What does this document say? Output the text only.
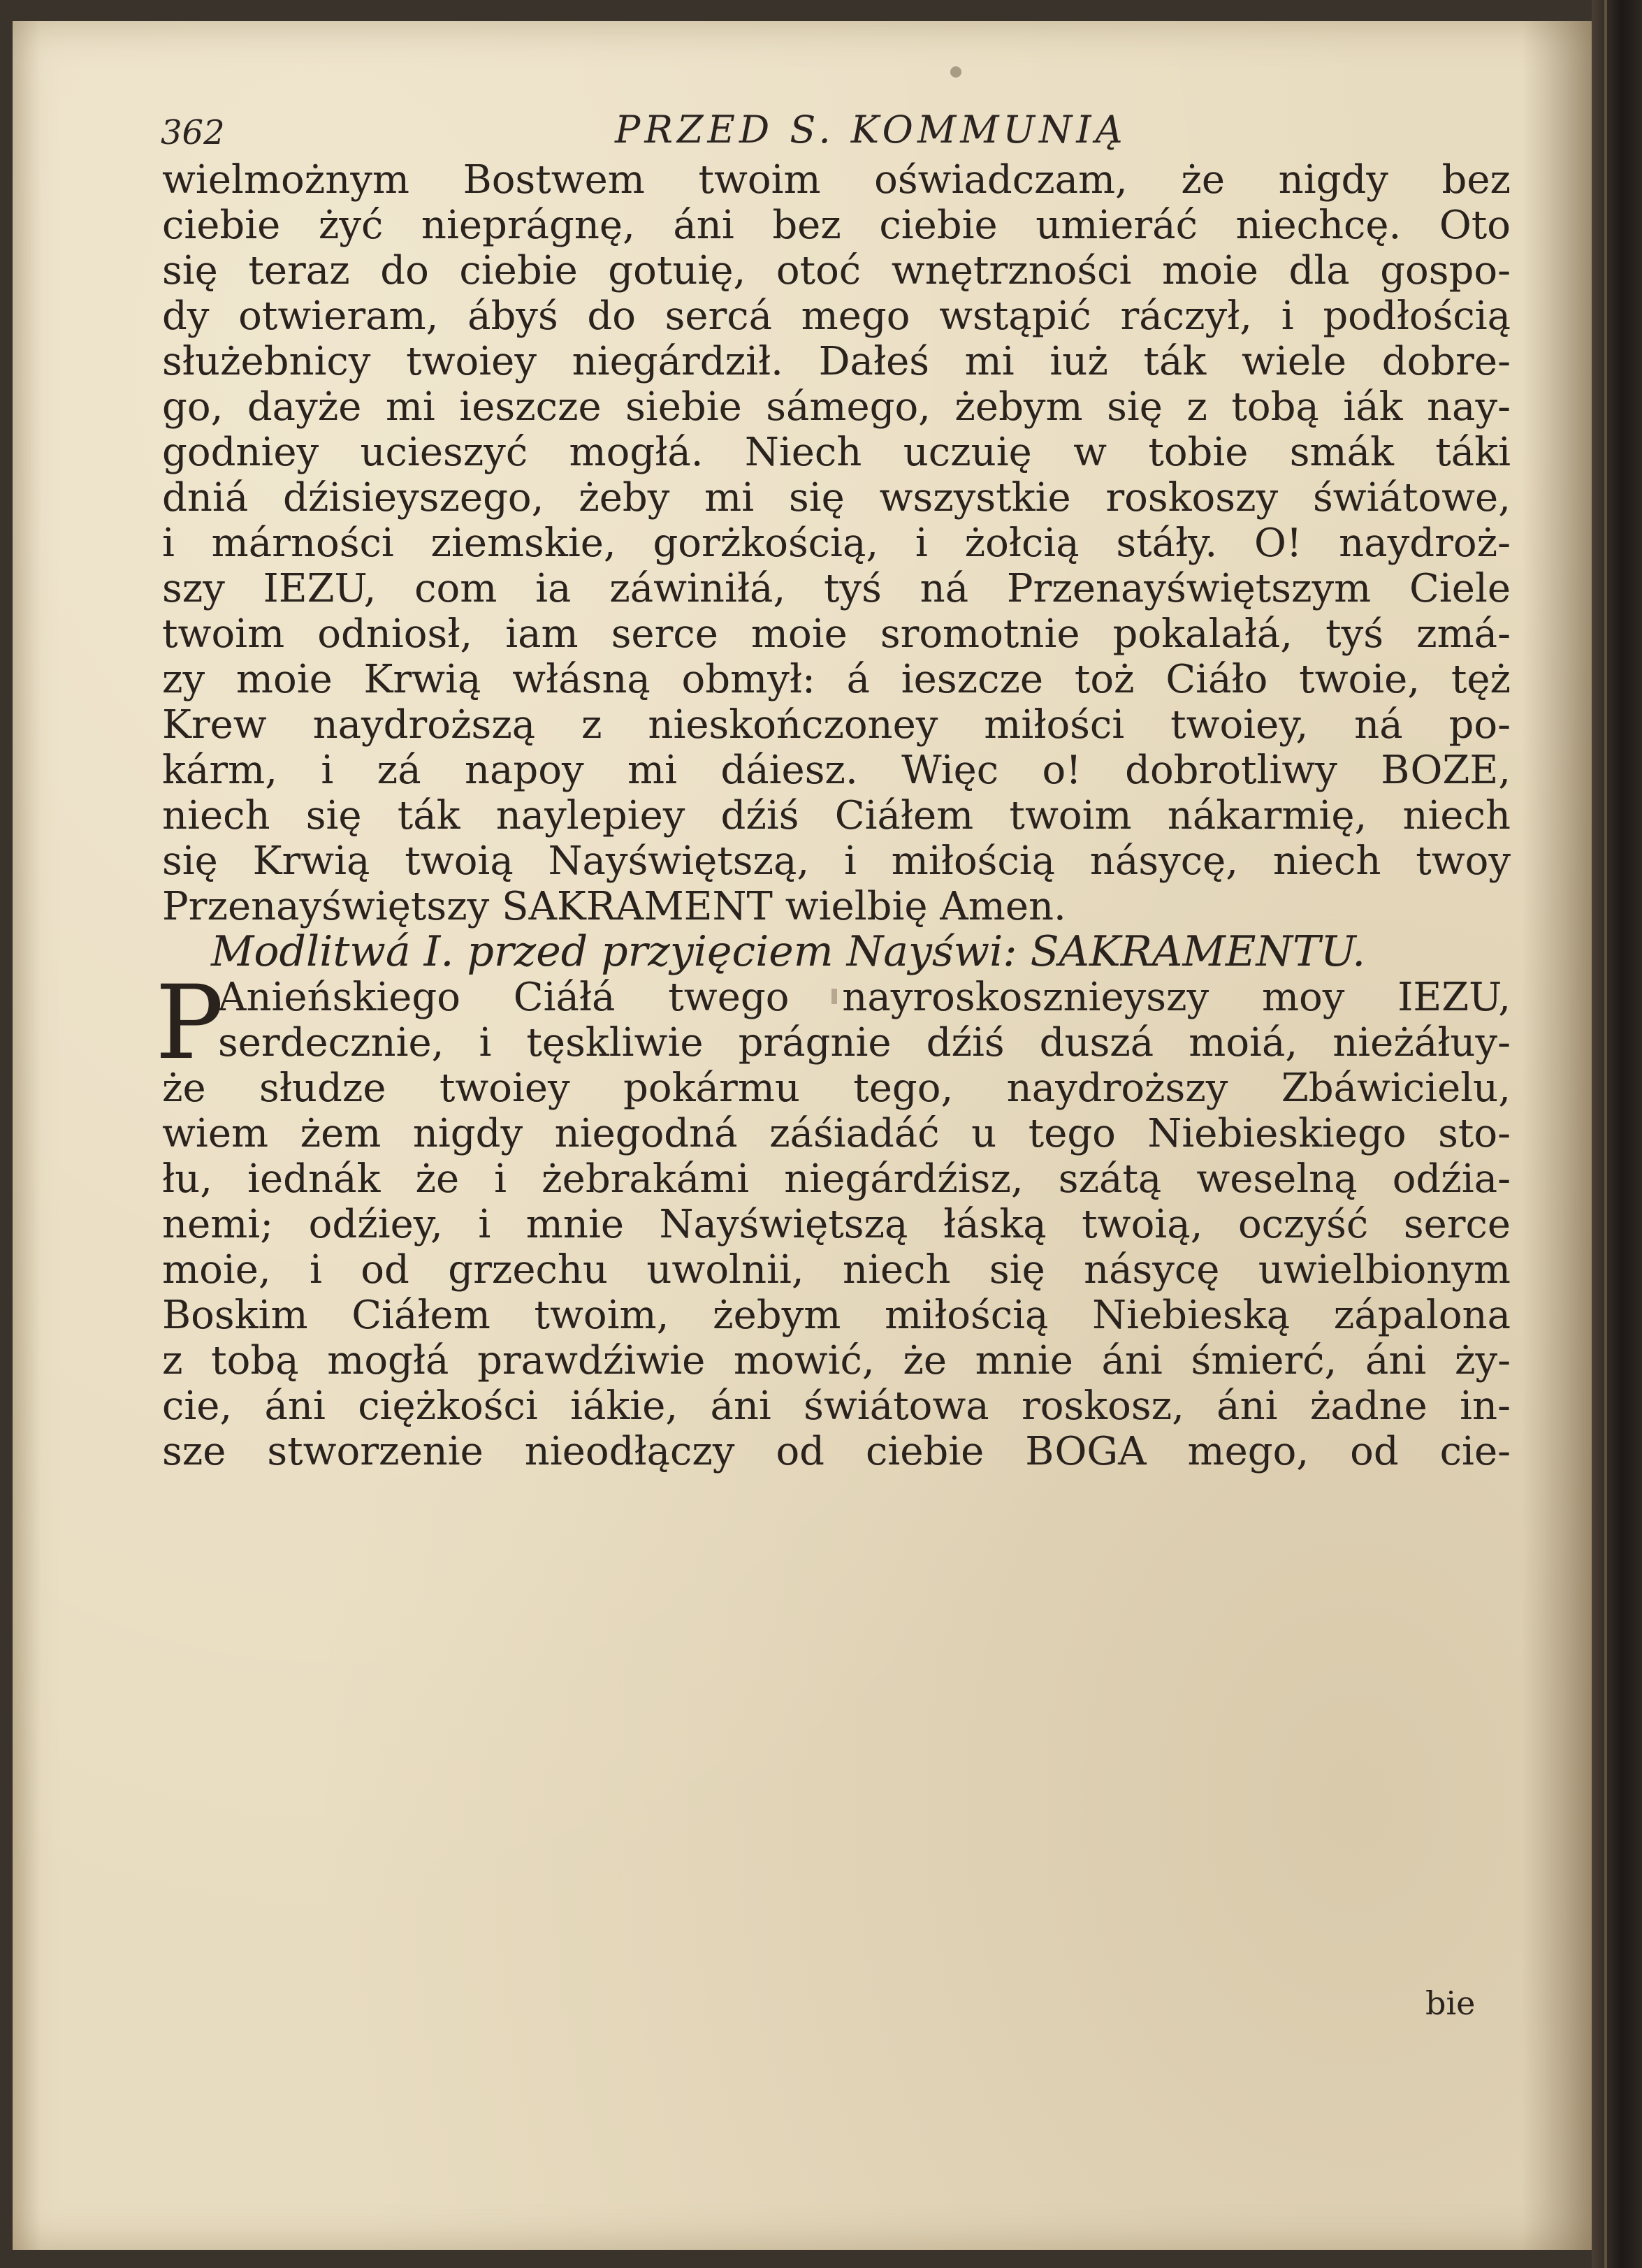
362	PRZED S. KOMMUNIĄ
wielmożnym Bostwem twoim oświadczam, że nigdy bez
ciebie żyć nieprágnę, áni bez ciebie umieráć niechcę. Oto
się teraz do ciebie gotuię, otoć wnętrzności moie dla gospo-
dy otwieram, ábyś do sercá mego wstąpić ráczył, i podłością
służebnicy twoiey niegárdził. Dałeś mi iuż ták wiele dobre-
go, dayże mi ieszcze siebie sámego, żebym się z tobą iák nay-
godniey ucieszyć mogłá. Niech uczuię w tobie smák táki
dniá dźisieyszego, żeby mi się wszystkie roskoszy świátowe,
i márności ziemskie, gorżkością, i żołcią stáły. O! naydroż-
szy IEZU, com ia záwiniłá, tyś ná Przenayświętszym Ciele
twoim odniosł, iam serce moie sromotnie pokalałá, tyś zmá-
zy moie Krwią włásną obmył: á ieszcze toż Ciáło twoie, tęż
Krew naydroższą z nieskończoney miłości twoiey, ná po-
kárm, i zá napoy mi dáiesz. Więc o! dobrotliwy BOZE,
niech się ták naylepiey dźiś Ciáłem twoim nákarmię, niech
się Krwią twoią Nayświętszą, i miłością násycę, niech twoy
Przenayświętszy SAKRAMENT wielbię Amen.
Modlitwá I. przed przyięciem Nayświ: SAKRAMENTU.
P
Anieńskiego Ciáłá twego nayroskosznieyszy moy IEZU,
serdecznie, i tęskliwie prágnie dźiś duszá moiá, nieżáłuy-
że słudze twoiey pokármu tego, naydroższy Zbáwicielu,
wiem żem nigdy niegodná záśiadáć u tego Niebieskiego sto-
łu, iednák że i żebrakámi niegárdźisz, szátą weselną odźia-
nemi; odźiey, i mnie Nayświętszą łáską twoią, oczyść serce
moie, i od grzechu uwolnii, niech się násycę uwielbionym
Boskim Ciáłem twoim, żebym miłością Niebieską zápalona
z tobą mogłá prawdźiwie mowić, że mnie áni śmierć, áni ży-
cie, áni ciężkości iákie, áni świátowa roskosz, áni żadne in-
sze stworzenie nieodłączy od ciebie BOGA mego, od cie-
bie
